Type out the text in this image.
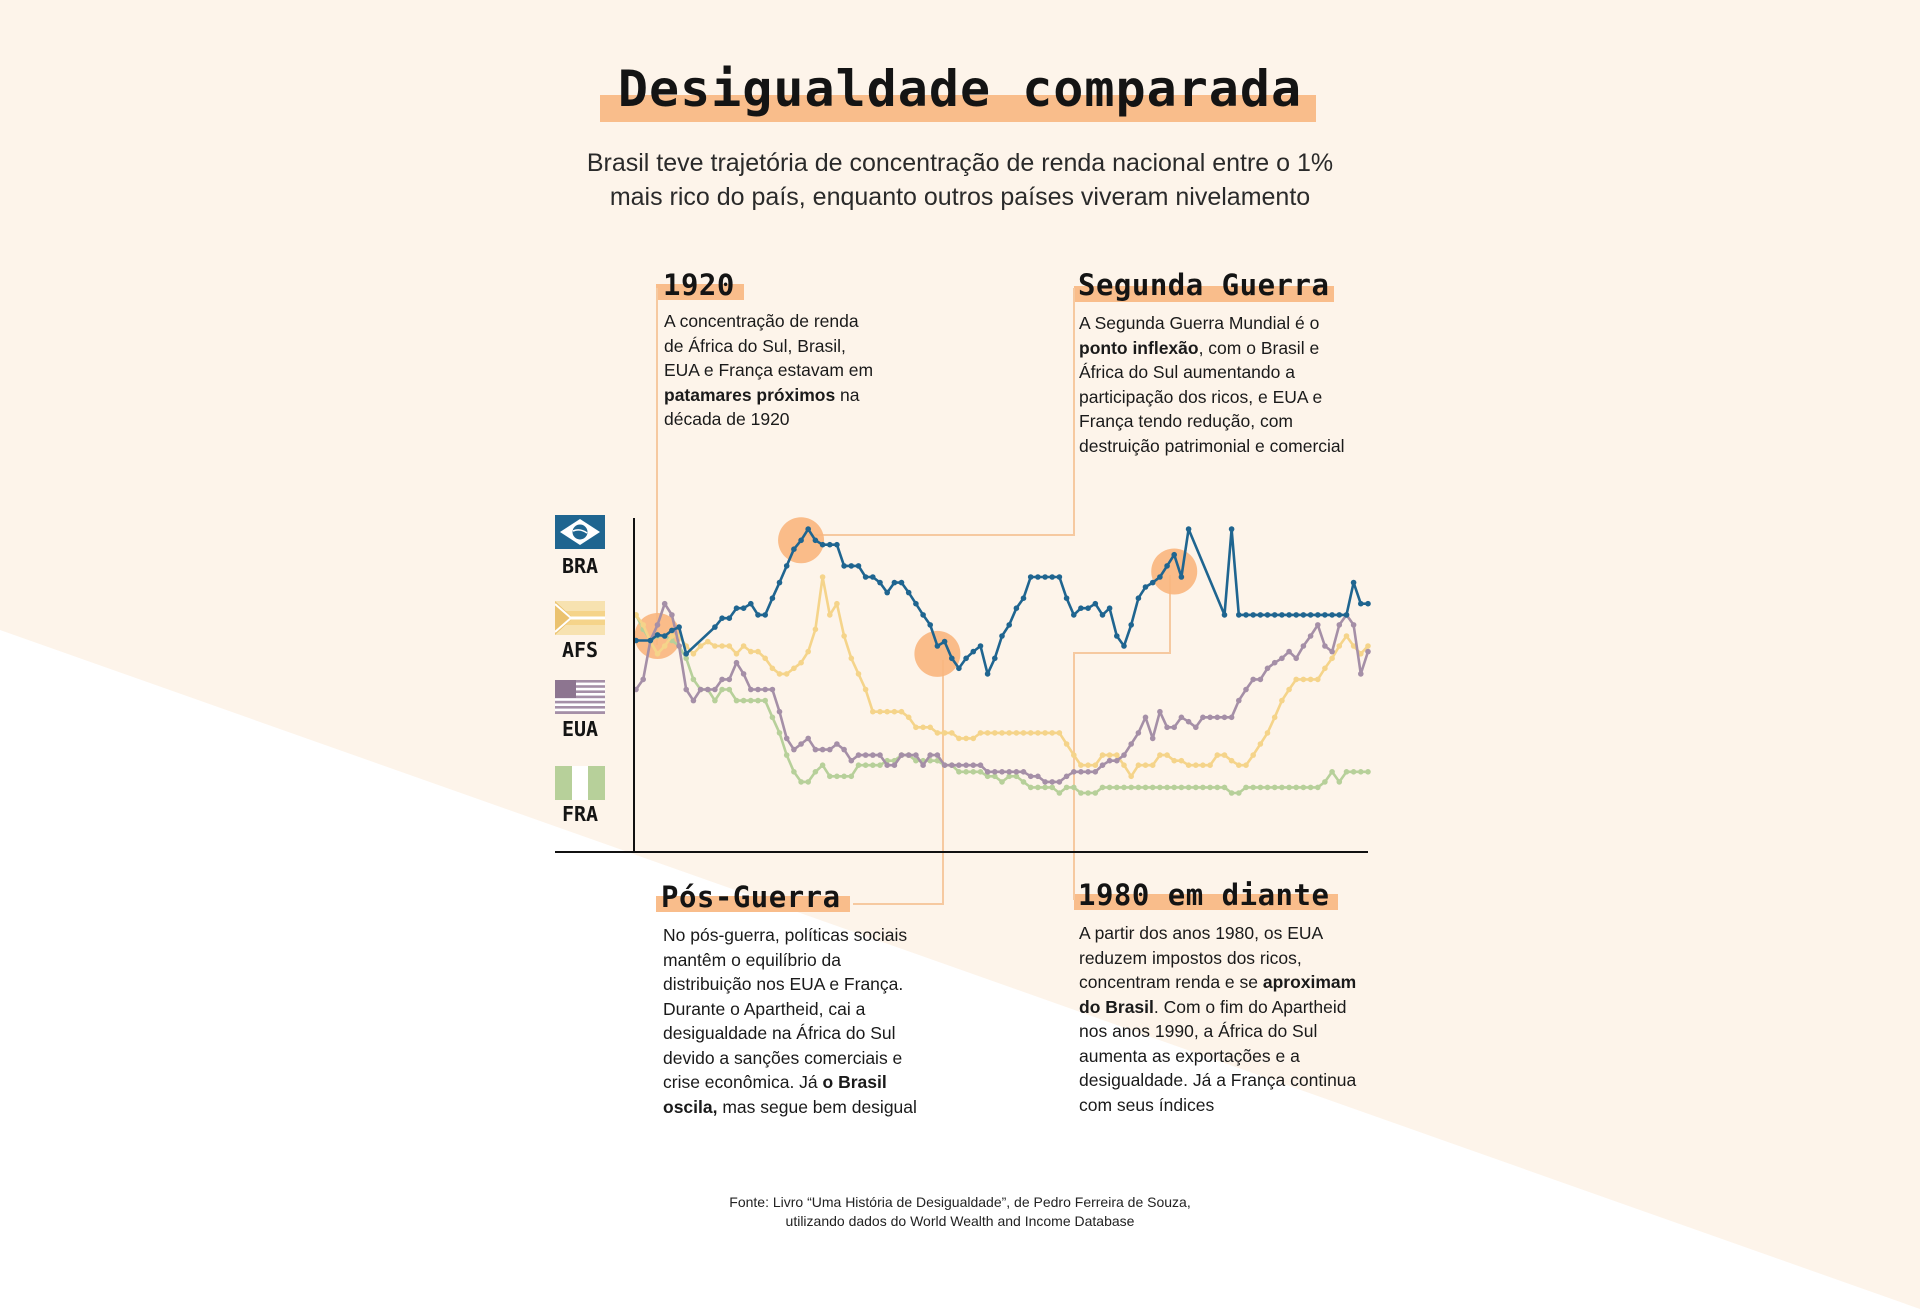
Desigualdade comparada
Brasil teve trajetória de concentração de renda nacional entre o 1%
mais rico do país, enquanto outros países viveram nivelamento
1920
A concentração de renda
de África do Sul, Brasil,
EUA e França estavam em
patamares próximos na
década de 1920
Segunda Guerra
A Segunda Guerra Mundial é o
ponto inflexão, com o Brasil e
África do Sul aumentando a
participação dos ricos, e EUA e
França tendo redução, com
destruição patrimonial e comercial
Pós-Guerra
No pós-guerra, políticas sociais
mantêm o equilíbrio da
distribuição nos EUA e França.
Durante o Apartheid, cai a
desigualdade na África do Sul
devido a sanções comerciais e
crise econômica. Já o Brasil
oscila, mas segue bem desigual
1980 em diante
A partir dos anos 1980, os EUA
reduzem impostos dos ricos,
concentram renda e se aproximam
do Brasil. Com o fim do Apartheid
nos anos 1990, a África do Sul
aumenta as exportações e a
desigualdade. Já a França continua
com seus índices
BRA
AFS
EUA
FRA
Fonte: Livro “Uma História de Desigualdade”, de Pedro Ferreira de Souza,
utilizando dados do World Wealth and Income Database
